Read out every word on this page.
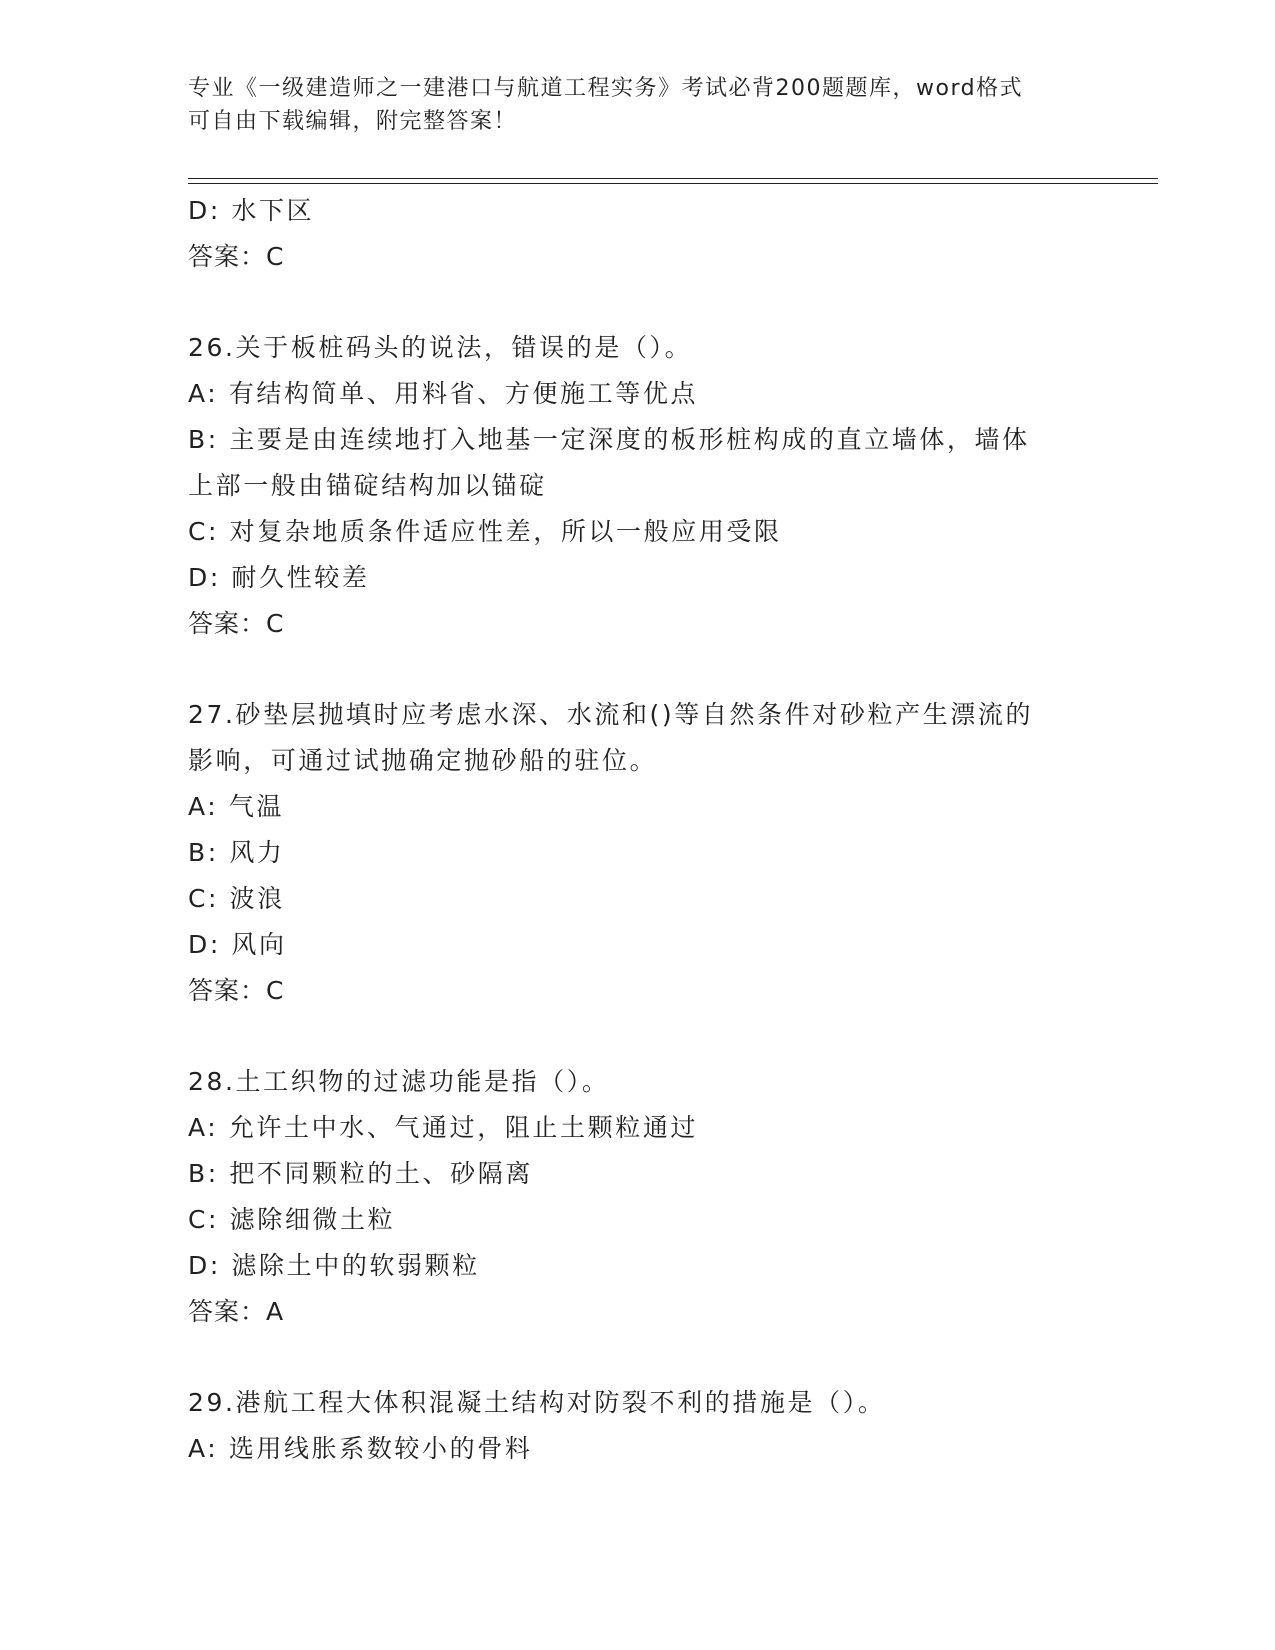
专业《一级建造师之一建港口与航道工程实务》考试必背200题题库，word格式
可自由下载编辑，附完整答案！
D: 水下区
答案：C
26.关于板桩码头的说法，错误的是（）。
A: 有结构简单、用料省、方便施工等优点
B: 主要是由连续地打入地基一定深度的板形桩构成的直立墙体，墙体
上部一般由锚碇结构加以锚碇
C: 对复杂地质条件适应性差，所以一般应用受限
D: 耐久性较差
答案：C
27.砂垫层抛填时应考虑水深、水流和()等自然条件对砂粒产生漂流的
影响，可通过试抛确定抛砂船的驻位。
A: 气温
B: 风力
C: 波浪
D: 风向
答案：C
28.土工织物的过滤功能是指（）。
A: 允许土中水、气通过，阻止土颗粒通过
B: 把不同颗粒的土、砂隔离
C: 滤除细微土粒
D: 滤除土中的软弱颗粒
答案：A
29.港航工程大体积混凝土结构对防裂不利的措施是（）。
A: 选用线胀系数较小的骨料
